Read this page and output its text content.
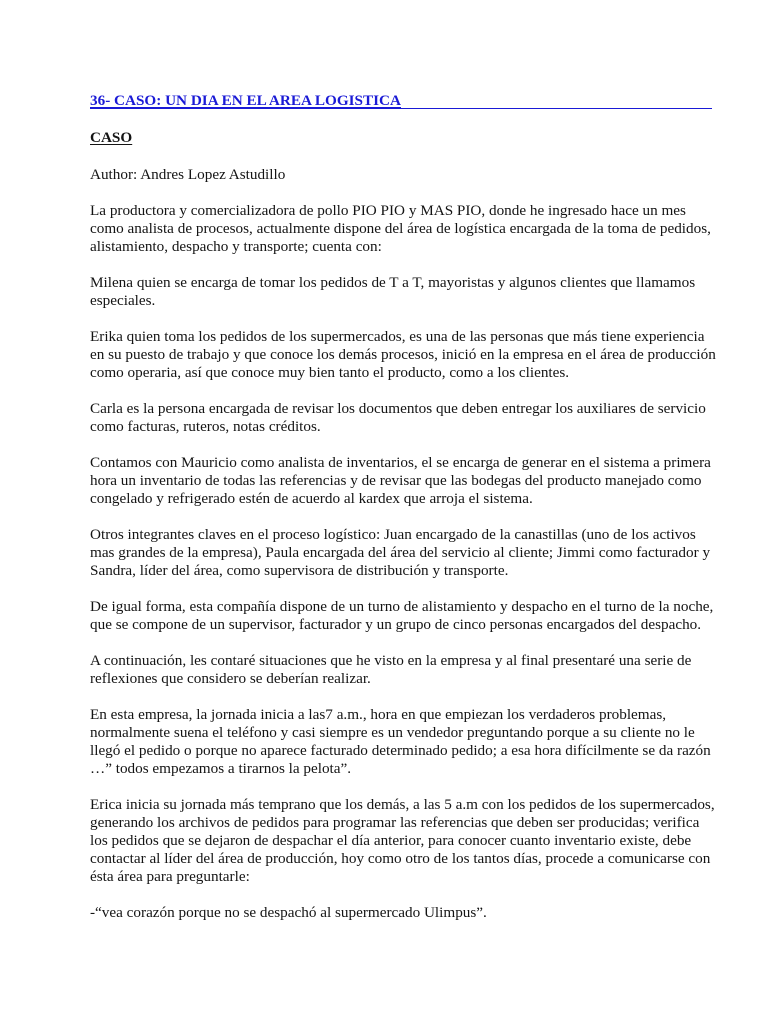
36- CASO: UN DIA EN EL AREA LOGISTICA

CASO

Author: Andres Lopez Astudillo

La productora y comercializadora de pollo PIO PIO y MAS PIO, donde he ingresado hace un mes como analista de procesos, actualmente dispone del área de logística encargada de la toma de pedidos, alistamiento, despacho y transporte; cuenta con:

Milena quien se encarga de tomar los pedidos de T a T, mayoristas y algunos clientes que llamamos especiales.

Erika quien toma los pedidos de los supermercados, es una de las personas que más tiene experiencia en su puesto de trabajo y que conoce los demás procesos, inició en la empresa en el área de producción como operaria, así que conoce muy bien tanto el producto, como a los clientes.

Carla es la persona encargada de revisar los documentos que deben entregar los auxiliares de servicio como facturas, ruteros, notas créditos.

Contamos con Mauricio como analista de inventarios, el se encarga de generar en el sistema a primera hora un inventario de todas las referencias y de revisar que las bodegas del producto manejado como congelado y refrigerado estén de acuerdo al kardex que arroja el sistema.

Otros integrantes claves en el proceso logístico: Juan encargado de la canastillas (uno de los activos mas grandes de la empresa), Paula encargada del área del servicio al cliente; Jimmi como facturador y Sandra, líder del área, como supervisora de distribución y transporte.

De igual forma, esta compañía dispone de un turno de alistamiento y despacho en el turno de la noche, que se compone de un supervisor, facturador y un grupo de cinco personas encargados del despacho.

A continuación, les contaré situaciones que he visto en la empresa y al final presentaré una serie de reflexiones que considero se deberían realizar.

En esta empresa, la jornada inicia a las7 a.m., hora en que empiezan los verdaderos problemas, normalmente suena el teléfono y casi siempre es un vendedor preguntando porque a su cliente no le llegó el pedido o porque no aparece facturado determinado pedido; a esa hora difícilmente se da razón …” todos empezamos a tirarnos la pelota”.

Erica inicia su jornada más temprano que los demás, a las 5 a.m con los pedidos de los supermercados, generando los archivos de pedidos para programar las referencias que deben ser producidas; verifica los pedidos que se dejaron de despachar el día anterior, para conocer cuanto inventario existe, debe contactar al líder del área de producción, hoy como otro de los tantos días, procede a comunicarse con ésta área para preguntarle:

-“vea corazón porque no se despachó al supermercado Ulimpus”.
